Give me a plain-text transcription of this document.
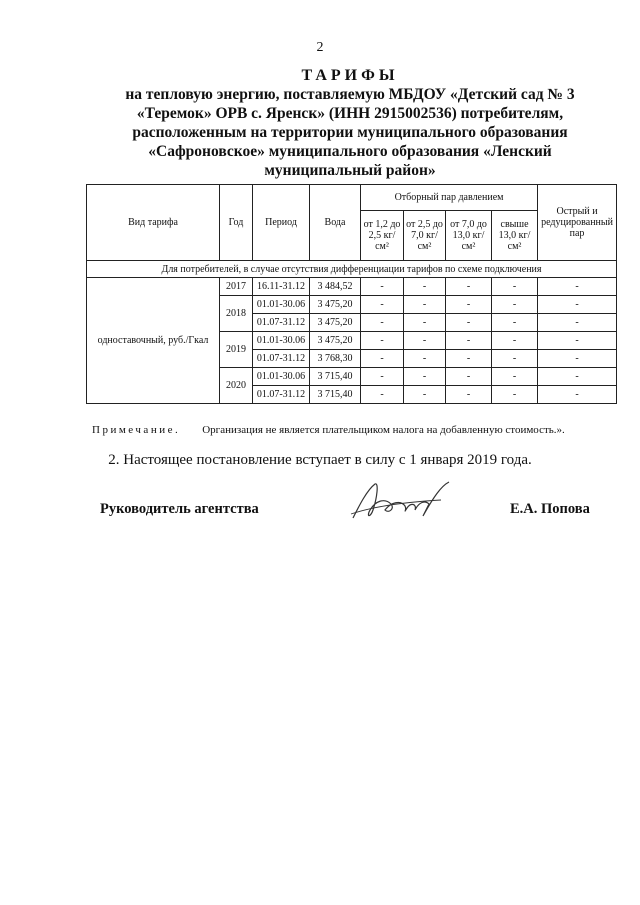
2
ТАРИФЫ
на тепловую энергию, поставляемую МБДОУ «Детский сад № 3
«Теремок» ОРВ с. Яренск» (ИНН 2915002536) потребителям,
расположенным на территории муниципального образования
«Сафроновское» муниципального образования «Ленский
муниципальный район»
Вид тарифа	Год	Период	Вода	Отборный пар давлением				Острый и редуцированный пар
				от 1,2 до 2,5 кг/см²	от 2,5 до 7,0 кг/см²	от 7,0 до 13,0 кг/см²	свыше 13,0 кг/см²	
Для потребителей, в случае отсутствия дифференциации тарифов по схеме подключения								
одноставочный, руб./Гкал	2017	16.11-31.12	3 484,52	-	-	-	-	-
	2018	01.01-30.06	3 475,20	-	-	-	-	-
		01.07-31.12	3 475,20	-	-	-	-	-
	2019	01.01-30.06	3 475,20	-	-	-	-	-
		01.07-31.12	3 768,30	-	-	-	-	-
	2020	01.01-30.06	3 715,40	-	-	-	-	-
		01.07-31.12	3 715,40	-	-	-	-	-
Примечание. Организация не является плательщиком налога на добавленную стоимость.».
2. Настоящее постановление вступает в силу с 1 января 2019 года.
Руководитель агентства	Е.А. Попова
